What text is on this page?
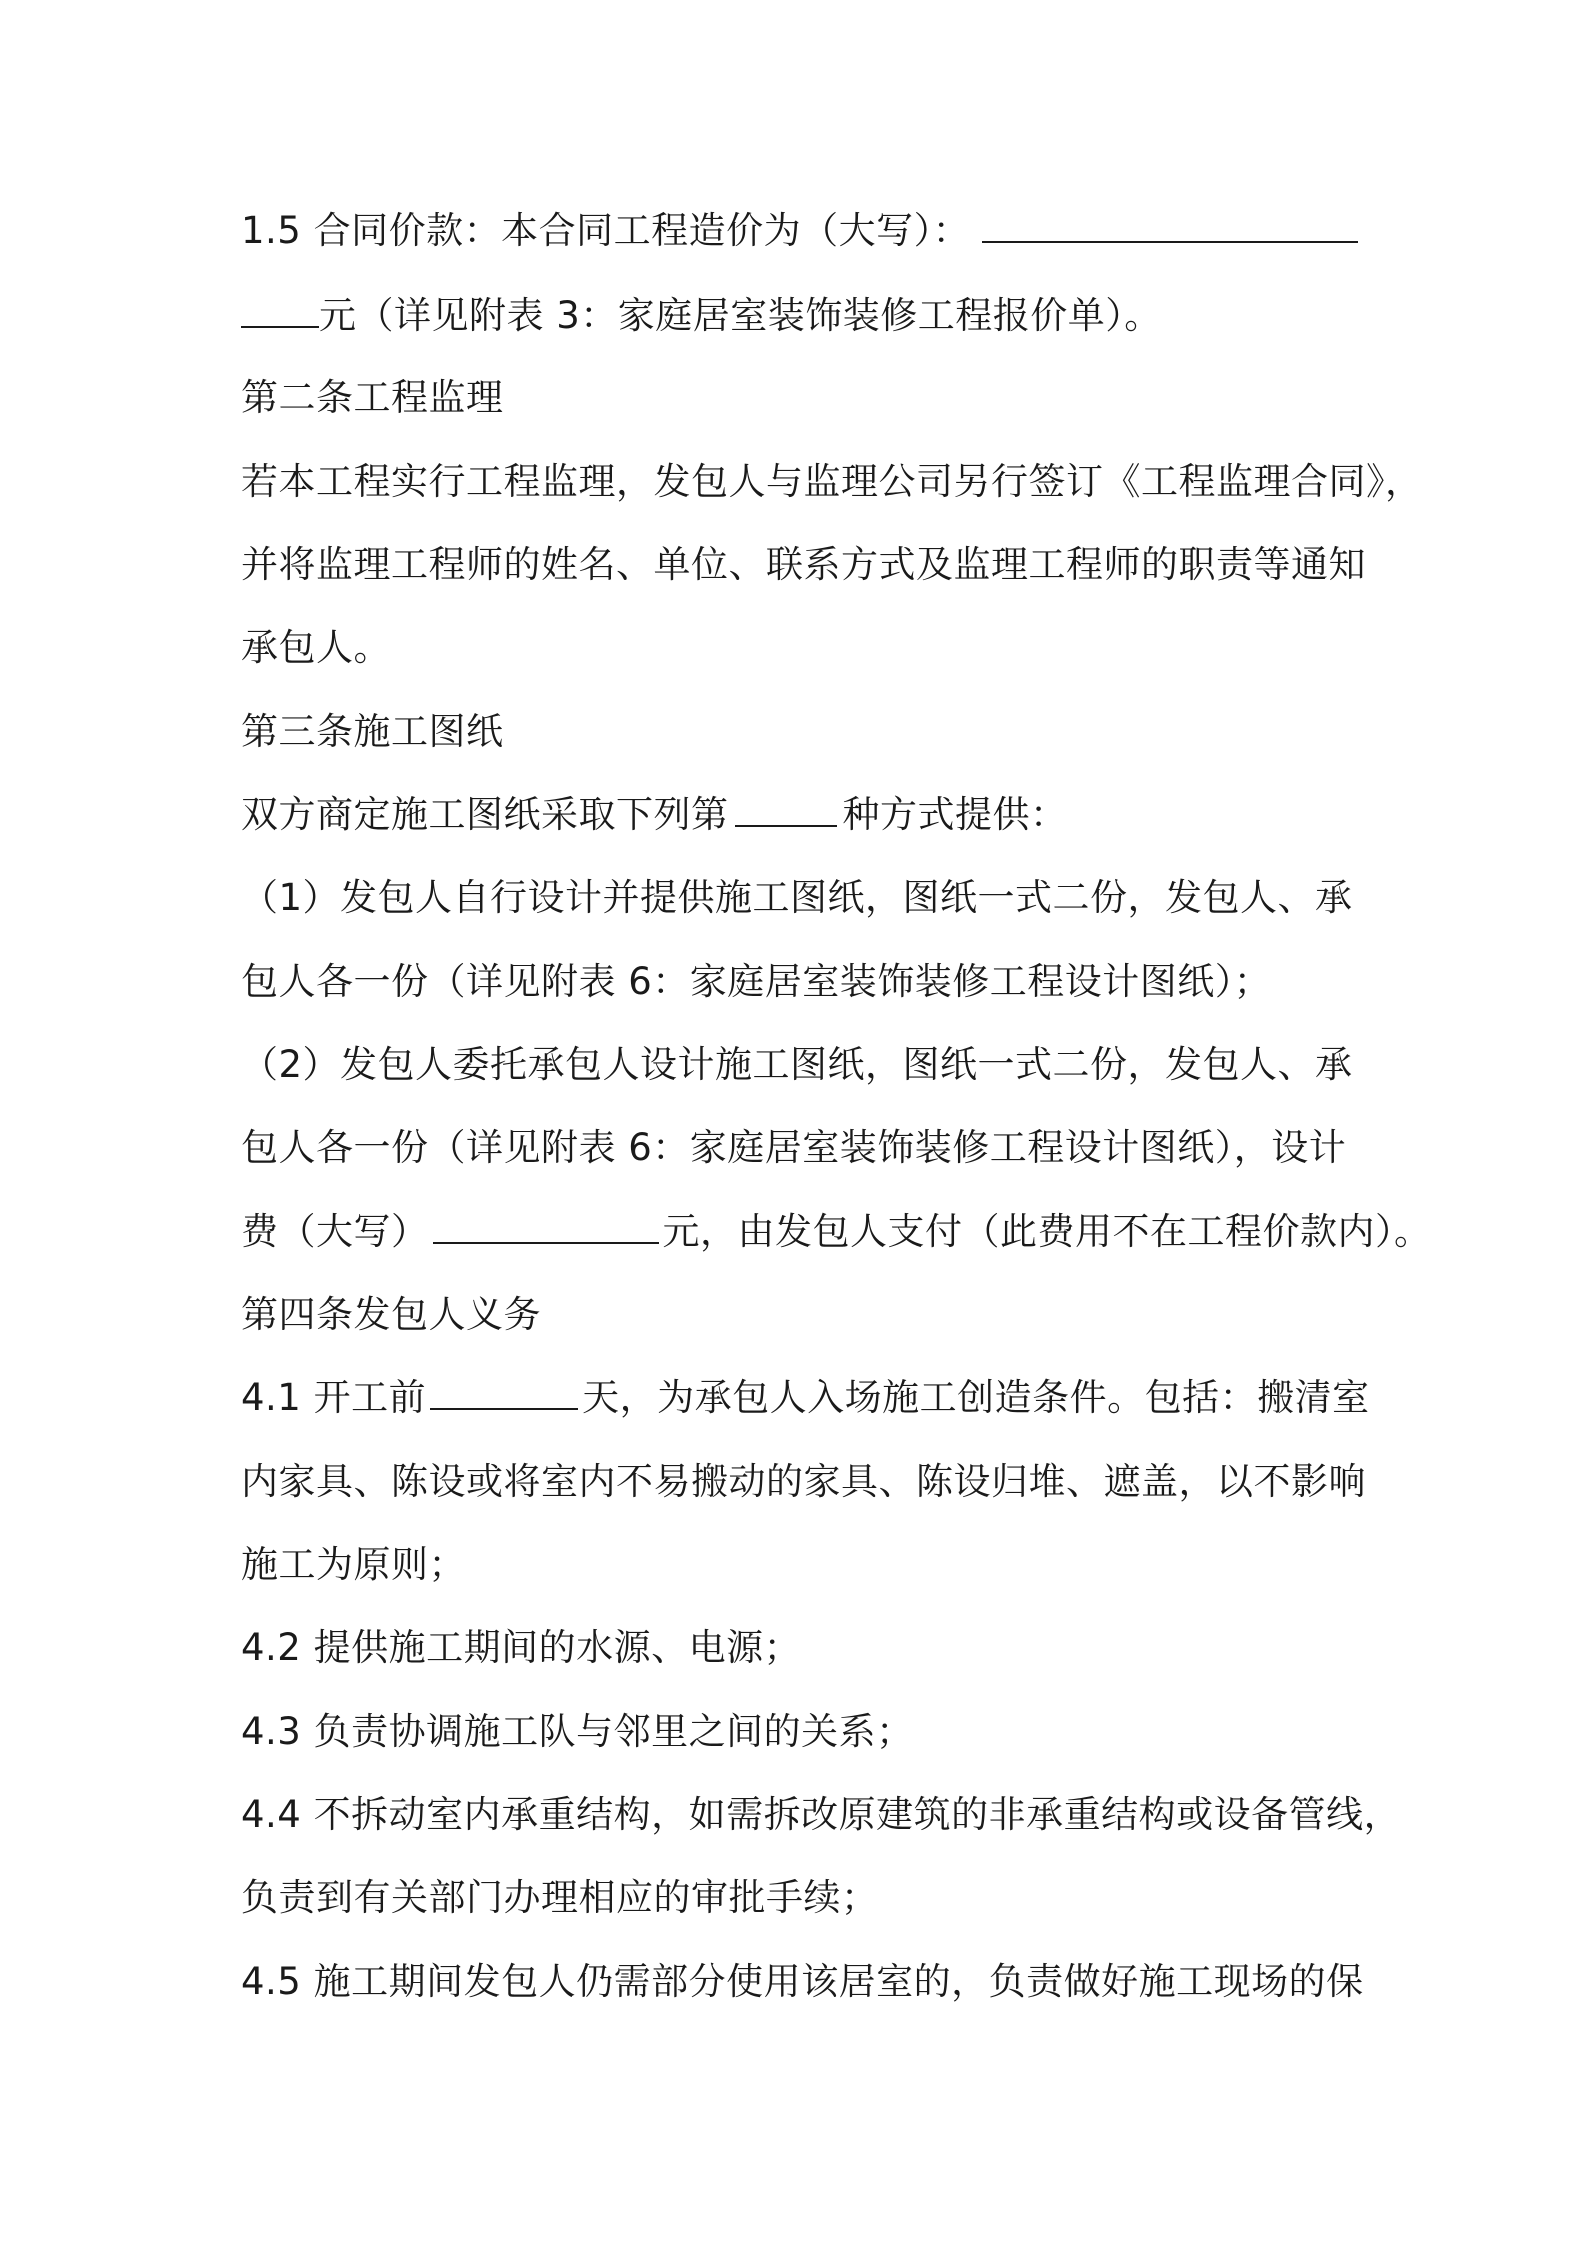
1.5 合同价款：本合同工程造价为（大写）：

元（详见附表 3：家庭居室装饰装修工程报价单）。

第二条工程监理

若本工程实行工程监理，发包人与监理公司另行签订《工程监理合同》，

并将监理工程师的姓名、单位、联系方式及监理工程师的职责等通知

承包人。

第三条施工图纸

双方商定施工图纸采取下列第	种方式提供：

（1）发包人自行设计并提供施工图纸，图纸一式二份，发包人、承

包人各一份（详见附表 6：家庭居室装饰装修工程设计图纸）；

（2）发包人委托承包人设计施工图纸，图纸一式二份，发包人、承

包人各一份（详见附表 6：家庭居室装饰装修工程设计图纸），设计

费（大写）	元，由发包人支付（此费用不在工程价款内）。

第四条发包人义务

4.1 开工前	天，为承包人入场施工创造条件。包括：搬清室

内家具、陈设或将室内不易搬动的家具、陈设归堆、遮盖，以不影响

施工为原则；

4.2 提供施工期间的水源、电源；

4.3 负责协调施工队与邻里之间的关系；

4.4 不拆动室内承重结构，如需拆改原建筑的非承重结构或设备管线，

负责到有关部门办理相应的审批手续；

4.5 施工期间发包人仍需部分使用该居室的，负责做好施工现场的保
